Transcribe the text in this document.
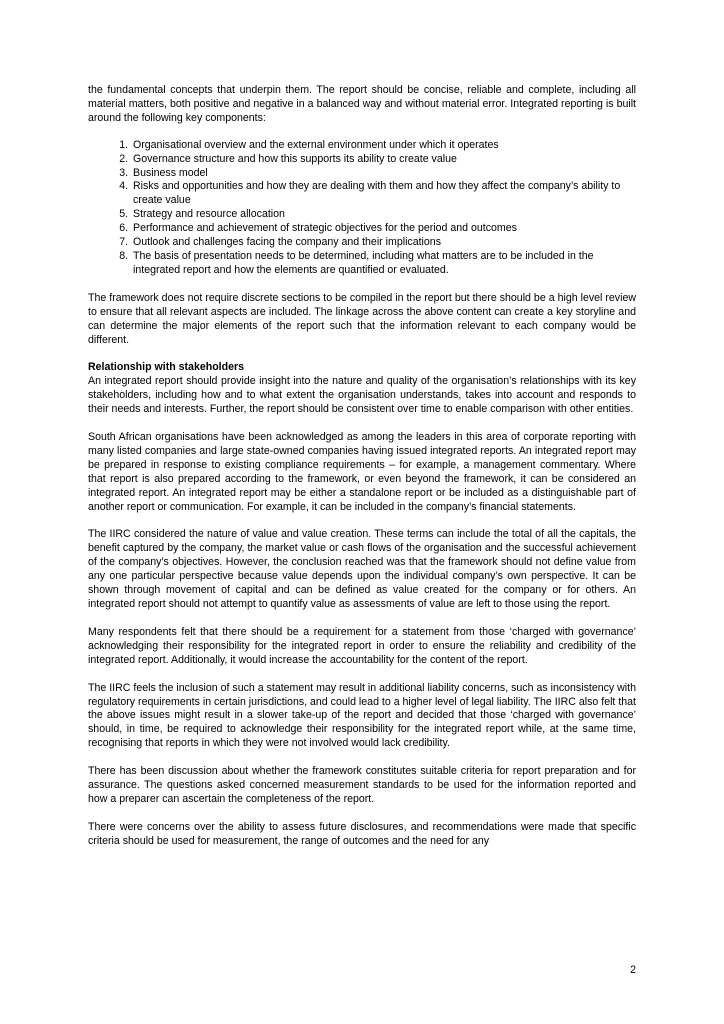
the fundamental concepts that underpin them. The report should be concise, reliable and complete, including all material matters, both positive and negative in a balanced way and without material error. Integrated reporting is built around the following key components:

1. Organisational overview and the external environment under which it operates
2. Governance structure and how this supports its ability to create value
3. Business model
4. Risks and opportunities and how they are dealing with them and how they affect the company’s ability to create value
5. Strategy and resource allocation
6. Performance and achievement of strategic objectives for the period and outcomes
7. Outlook and challenges facing the company and their implications
8. The basis of presentation needs to be determined, including what matters are to be included in the integrated report and how the elements are quantified or evaluated.

The framework does not require discrete sections to be compiled in the report but there should be a high level review to ensure that all relevant aspects are included. The linkage across the above content can create a key storyline and can determine the major elements of the report such that the information relevant to each company would be different.

Relationship with stakeholders

An integrated report should provide insight into the nature and quality of the organisation’s relationships with its key stakeholders, including how and to what extent the organisation understands, takes into account and responds to their needs and interests. Further, the report should be consistent over time to enable comparison with other entities.

South African organisations have been acknowledged as among the leaders in this area of corporate reporting with many listed companies and large state-owned companies having issued integrated reports. An integrated report may be prepared in response to existing compliance requirements – for example, a management commentary. Where that report is also prepared according to the framework, or even beyond the framework, it can be considered an integrated report. An integrated report may be either a standalone report or be included as a distinguishable part of another report or communication. For example, it can be included in the company’s financial statements.

The IIRC considered the nature of value and value creation. These terms can include the total of all the capitals, the benefit captured by the company, the market value or cash flows of the organisation and the successful achievement of the company’s objectives. However, the conclusion reached was that the framework should not define value from any one particular perspective because value depends upon the individual company’s own perspective. It can be shown through movement of capital and can be defined as value created for the company or for others. An integrated report should not attempt to quantify value as assessments of value are left to those using the report.

Many respondents felt that there should be a requirement for a statement from those ‘charged with governance’ acknowledging their responsibility for the integrated report in order to ensure the reliability and credibility of the integrated report. Additionally, it would increase the accountability for the content of the report.

The IIRC feels the inclusion of such a statement may result in additional liability concerns, such as inconsistency with regulatory requirements in certain jurisdictions, and could lead to a higher level of legal liability. The IIRC also felt that the above issues might result in a slower take-up of the report and decided that those ‘charged with governance’ should, in time, be required to acknowledge their responsibility for the integrated report while, at the same time, recognising that reports in which they were not involved would lack credibility.

There has been discussion about whether the framework constitutes suitable criteria for report preparation and for assurance. The questions asked concerned measurement standards to be used for the information reported and how a preparer can ascertain the completeness of the report.

There were concerns over the ability to assess future disclosures, and recommendations were made that specific criteria should be used for measurement, the range of outcomes and the need for any

2
